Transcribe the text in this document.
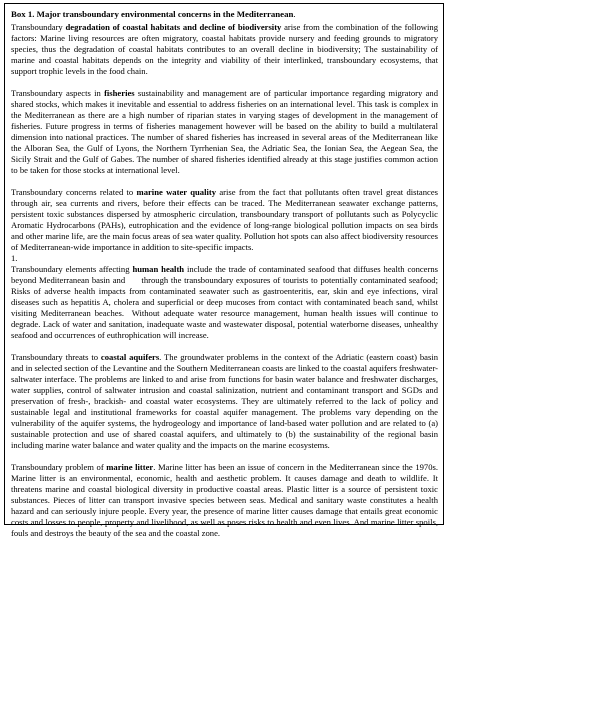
Box 1. Major transboundary environmental concerns in the Mediterranean.

Transboundary degradation of coastal habitats and decline of biodiversity arise from the combination of the following factors: Marine living resources are often migratory, coastal habitats provide nursery and feeding grounds to migratory species, thus the degradation of coastal habitats contributes to an overall decline in biodiversity; The sustainability of marine and coastal habitats depends on the integrity and viability of their interlinked, transboundary ecosystems, that support trophic levels in the food chain.

Transboundary aspects in fisheries sustainability and management are of particular importance regarding migratory and shared stocks, which makes it inevitable and essential to address fisheries on an international level. This task is complex in the Mediterranean as there are a high number of riparian states in varying stages of development in the management of fisheries. Future progress in terms of fisheries management however will be based on the ability to build a multilateral dimension into national practices. The number of shared fisheries has increased in several areas of the Mediterranean like the Alboran Sea, the Gulf of Lyons, the Northern Tyrrhenian Sea, the Adriatic Sea, the Ionian Sea, the Aegean Sea, the Sicily Strait and the Gulf of Gabes. The number of shared fisheries identified already at this stage justifies common action to be taken for those stocks at international level.

Transboundary concerns related to marine water quality arise from the fact that pollutants often travel great distances through air, sea currents and rivers, before their effects can be traced. The Mediterranean seawater exchange patterns, persistent toxic substances dispersed by atmospheric circulation, transboundary transport of pollutants such as Polycyclic Aromatic Hydrocarbons (PAHs), eutrophication and the evidence of long-range biological pollution impacts on sea birds and other marine life, are the main focus areas of sea water quality. Pollution hot spots can also affect biodiversity resources of Mediterranean-wide importance in addition to site-specific impacts.

1.

Transboundary elements affecting human health include the trade of contaminated seafood that diffuses health concerns beyond Mediterranean basin and      through the transboundary exposures of tourists to potentially contaminated seafood; Risks of adverse health impacts from contaminated seawater such as gastroenteritis, ear, skin and eye infections, viral diseases such as hepatitis A, cholera and superficial or deep mucoses from contact with contaminated beach sand, whilst visiting Mediterranean beaches.  Without adequate water resource management, human health issues will continue to degrade. Lack of water and sanitation, inadequate waste and wastewater disposal, potential waterborne diseases, unhealthy seafood and occurrences of euthrophication will increase.

Transboundary threats to coastal aquifers. The groundwater problems in the context of the Adriatic (eastern coast) basin and in selected section of the Levantine and the Southern Mediterranean coasts are linked to the coastal aquifers freshwater- saltwater interface. The problems are linked to and arise from functions for basin water balance and freshwater discharges, water supplies, control of saltwater intrusion and coastal salinization, nutrient and contaminant transport and SGDs and preservation of fresh-, brackish- and coastal water ecosystems. They are ultimately referred to the lack of policy and sustainable legal and institutional frameworks for coastal aquifer management. The problems vary depending on the vulnerability of the aquifer systems, the hydrogeology and importance of land-based water pollution and are related to (a) sustainable protection and use of shared coastal aquifers, and ultimately to (b) the sustainability of the regional basin including marine water balance and water quality and the impacts on the marine ecosystems.

Transboundary problem of marine litter. Marine litter has been an issue of concern in the Mediterranean since the 1970s. Marine litter is an environmental, economic, health and aesthetic problem. It causes damage and death to wildlife. It threatens marine and coastal biological diversity in productive coastal areas. Plastic litter is a source of persistent toxic substances. Pieces of litter can transport invasive species between seas. Medical and sanitary waste constitutes a health hazard and can seriously injure people. Every year, the presence of marine litter causes damage that entails great economic costs and losses to people, property and livelihood, as well as poses risks to health and even lives. And marine litter spoils, fouls and destroys the beauty of the sea and the coastal zone.
